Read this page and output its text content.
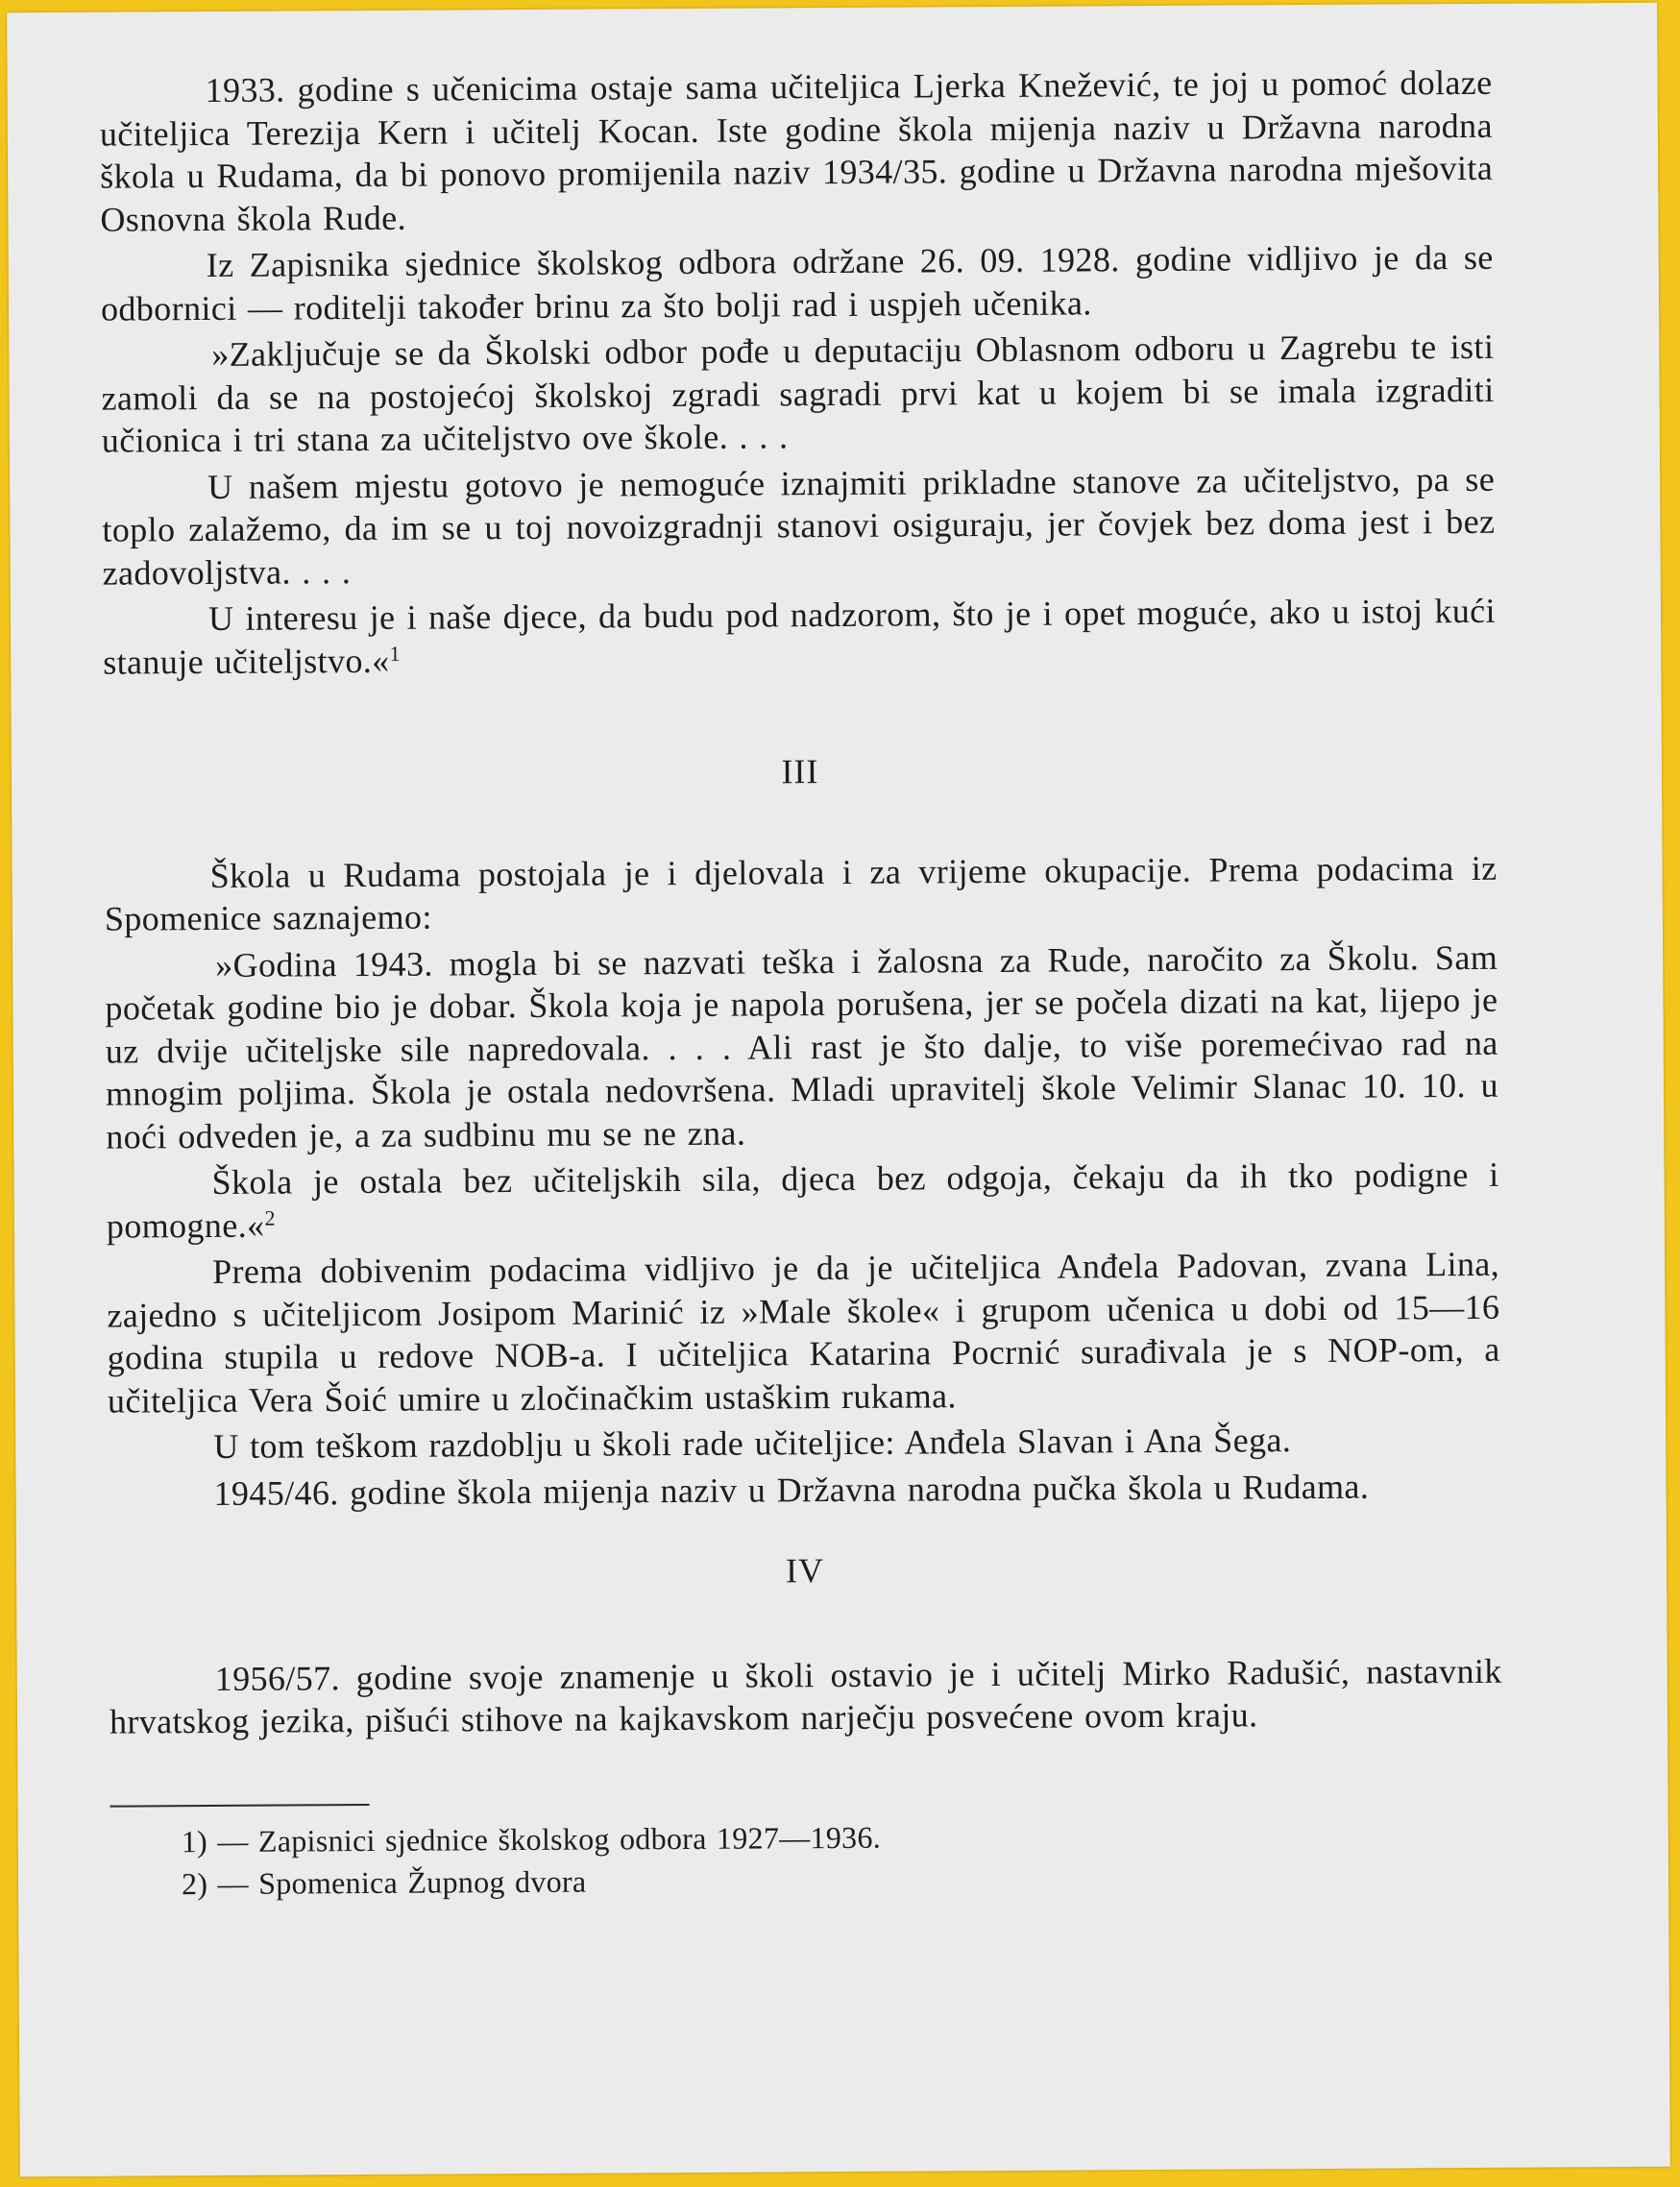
1933. godine s učenicima ostaje sama učiteljica Ljerka Knežević, te joj u pomoć dolaze učiteljica Terezija Kern i učitelj Kocan. Iste godine škola mijenja naziv u Državna narodna škola u Rudama, da bi ponovo promijenila naziv 1934/35. godine u Državna narodna mješovita Osnovna škola Rude.

Iz Zapisnika sjednice školskog odbora održane 26. 09. 1928. godine vidljivo je da se odbornici — roditelji također brinu za što bolji rad i uspjeh učenika.

»Zaključuje se da Školski odbor pođe u deputaciju Oblasnom odboru u Zagrebu te isti zamoli da se na postojećoj školskoj zgradi sagradi prvi kat u kojem bi se imala izgraditi učionica i tri stana za učiteljstvo ove škole. . . .

U našem mjestu gotovo je nemoguće iznajmiti prikladne stanove za učiteljstvo, pa se toplo zalažemo, da im se u toj novoizgradnji stanovi osiguraju, jer čovjek bez doma jest i bez zadovoljstva. . . .

U interesu je i naše djece, da budu pod nadzorom, što je i opet moguće, ako u istoj kući stanuje učiteljstvo.«$^1$

III

Škola u Rudama postojala je i djelovala i za vrijeme okupacije. Prema podacima iz Spomenice saznajemo:

»Godina 1943. mogla bi se nazvati teška i žalosna za Rude, naročito za Školu. Sam početak godine bio je dobar. Škola koja je napola porušena, jer se počela dizati na kat, lijepo je uz dvije učiteljske sile napredovala. . . . Ali rast je što dalje, to više poremećivao rad na mnogim poljima. Škola je ostala nedovršena. Mladi upravitelj škole Velimir Slanac 10. 10. u noći odveden je, a za sudbinu mu se ne zna.

Škola je ostala bez učiteljskih sila, djeca bez odgoja, čekaju da ih tko podigne i pomogne.«$^2$

Prema dobivenim podacima vidljivo je da je učiteljica Anđela Padovan, zvana Lina, zajedno s učiteljicom Josipom Marinić iz »Male škole« i grupom učenica u dobi od 15—16 godina stupila u redove NOB-a. I učiteljica Katarina Pocrnić surađivala je s NOP-om, a učiteljica Vera Šoić umire u zločinačkim ustaškim rukama.

U tom teškom razdoblju u školi rade učiteljice: Anđela Slavan i Ana Šega.

1945/46. godine škola mijenja naziv u Državna narodna pučka škola u Rudama.

IV

1956/57. godine svoje znamenje u školi ostavio je i učitelj Mirko Radušić, nastavnik hrvatskog jezika, pišući stihove na kajkavskom narječju posvećene ovom kraju.

1) — Zapisnici sjednice školskog odbora 1927—1936.
2) — Spomenica Župnog dvora
